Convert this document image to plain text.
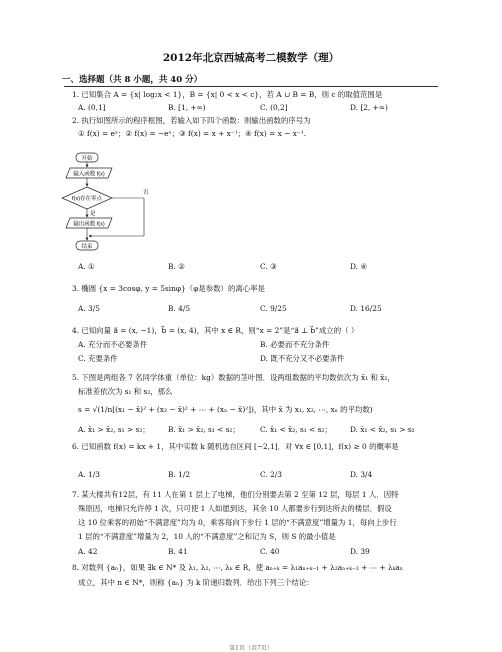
2012年北京西城高考二模数学（理）
一、选择题（共 8 小题，共 40 分）
1. 已知集合 A = {x| log₂x < 1}，B = {x| 0 < x < c}，若 A ∪ B = B，则 c 的取值范围是
A. (0,1]	B. [1, +∞)	C. (0,2]	D. [2, +∞)
2. 执行如图所示的程序框图，若输入如下四个函数：则输出函数的序号为
① f(x) = eˣ；② f(x) = −eˣ；③ f(x) = x + x⁻¹；④ f(x) = x − x⁻¹.
开始
输入函数 f(x)
f(x)存在零点
否
是
输出函数 f(x)
结束
A. ①	B. ②	C. ③	D. ④
3. 椭圆 {x = 3cosφ, y = 5sinφ}（φ是参数）的离心率是
A. 3/5	B. 4/5	C. 9/25	D. 16/25
4. 已知向量 a⃗ = (x, −1)，b⃗ = (x, 4)，其中 x ∈ R，则“x = 2”是“a⃗ ⊥ b⃗”成立的（ ）
A. 充分而不必要条件	B. 必要而不充分条件
C. 充要条件	D. 既不充分又不必要条件
5. 下图是两组各 7 名同学体重（单位：kg）数据的茎叶图．设两组数据的平均数依次为 x̄₁ 和 x̄₂，
标准差依次为 s₁ 和 s₂，那么
s = √(1/n[(x₁ − x̄)² + (x₂ − x̄)² + ⋯ + (xₙ − x̄)²])，其中 x̄ 为 x₁, x₂, ⋯, xₙ 的平均数)
A. x̄₁ > x̄₂, s₁ > s₂； B. x̄₁ > x̄₂, s₁ < s₂；	C. x̄₁ < x̄₂, s₁ < s₂； D. x̄₁ < x̄₂, s₁ > s₂
6. 已知函数 f(x) = kx + 1，其中实数 k 随机选自区间 [−2,1]．对 ∀x ∈ [0,1]，f(x) ≥ 0 的概率是
A. 1/3	B. 1/2	C. 2/3	D. 3/4
7. 某大楼共有12层，有 11 人在第 1 层上了电梯，他们分别要去第 2 至第 12 层，每层 1 人．因特
殊原因，电梯只允许停 1 次，只可使 1 人如愿到达，其余 10 人都要步行到达所去的楼层．假设
这 10 位乘客的初始“不满意度”均为 0，乘客每向下步行 1 层的“不满意度”增量为 1，每向上步行
1 层的“不满意度”增量为 2，10 人的“不满意度”之和记为 S，则 S 的最小值是
A. 42	B. 41	C. 40	D. 39
8. 对数列 {aₙ}，如果 ∃k ∈ N* 及 λ₁, λ₂, ⋯, λₖ ∈ R，使 aₙ₊ₖ = λ₁aₙ₊ₖ₋₁ + λ₂aₙ₊ₖ₋₂ + ⋯ + λₖaₙ
成立，其中 n ∈ N*，则称 {aₙ} 为 k 阶递归数列．给出下列三个结论：
第1页（共7页）
